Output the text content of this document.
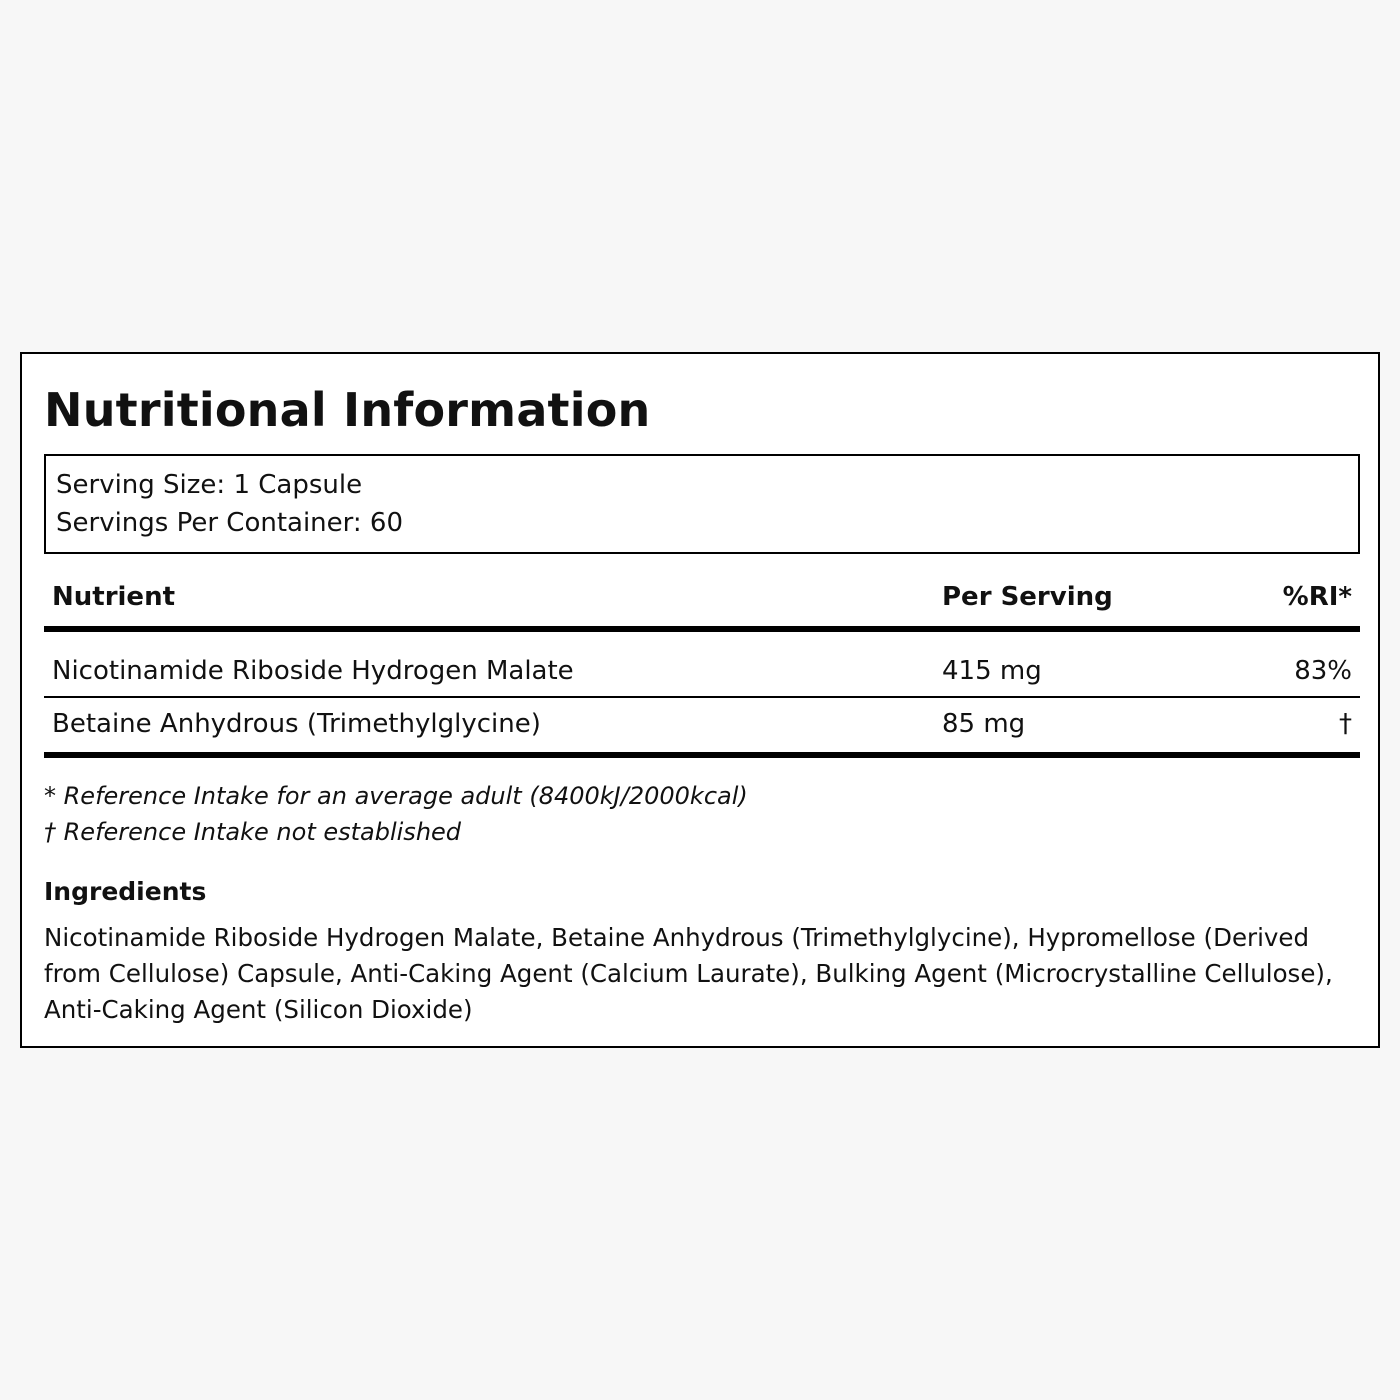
Nutritional Information
Serving Size: 1 Capsule
Servings Per Container: 60
Nutrient	Per Serving	%RI*
Nicotinamide Riboside Hydrogen Malate	415 mg	83%
Betaine Anhydrous (Trimethylglycine)	85 mg	†
* Reference Intake for an average adult (8400kJ/2000kcal)
† Reference Intake not established
Ingredients

Nicotinamide Riboside Hydrogen Malate, Betaine Anhydrous (Trimethylglycine), Hypromellose (Derived from Cellulose) Capsule, Anti-Caking Agent (Calcium Laurate), Bulking Agent (Microcrystalline Cellulose), Anti-Caking Agent (Silicon Dioxide)
